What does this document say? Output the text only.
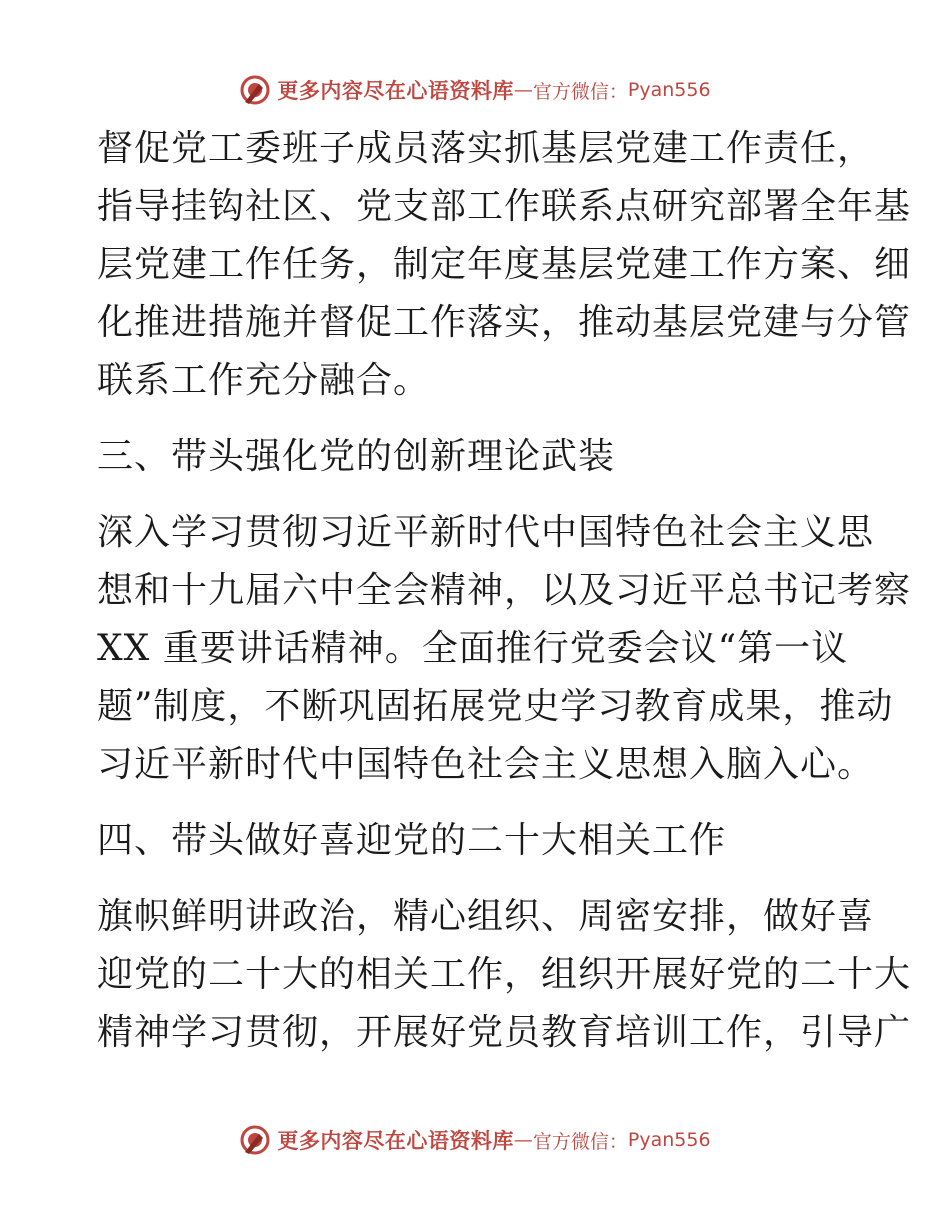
更多内容尽在心语资料库 — 官方微信： Pyan556

督促党工委班子成员落实抓基层党建工作责任，
指导挂钩社区、党支部工作联系点研究部署全年基
层党建工作任务，制定年度基层党建工作方案、细
化推进措施并督促工作落实，推动基层党建与分管
联系工作充分融合。

三、带头强化党的创新理论武装

深入学习贯彻习近平新时代中国特色社会主义思
想和十九届六中全会精神，以及习近平总书记考察
XX 重要讲话精神。全面推行党委会议“第一议
题”制度，不断巩固拓展党史学习教育成果，推动
习近平新时代中国特色社会主义思想入脑入心。

四、带头做好喜迎党的二十大相关工作

旗帜鲜明讲政治，精心组织、周密安排，做好喜
迎党的二十大的相关工作，组织开展好党的二十大
精神学习贯彻，开展好党员教育培训工作，引导广

更多内容尽在心语资料库 — 官方微信： Pyan556
